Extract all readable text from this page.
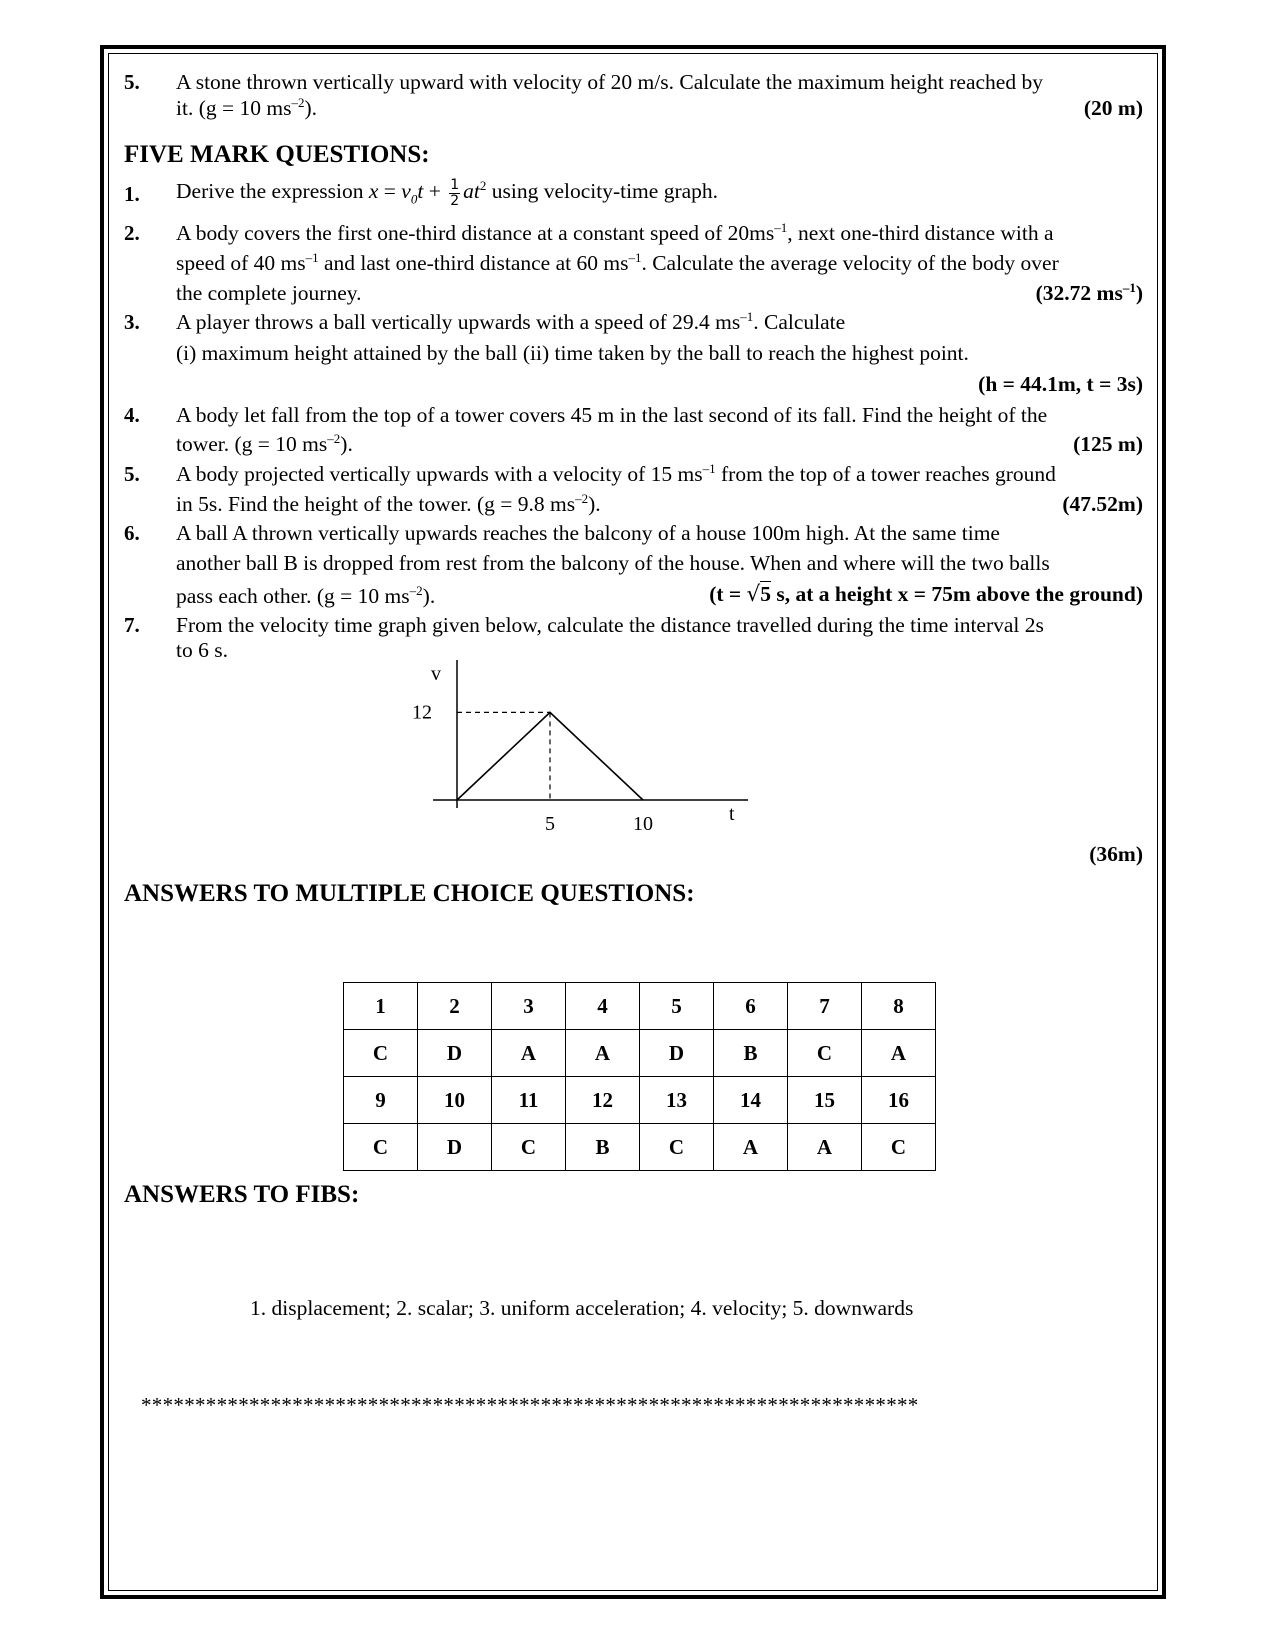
5. A stone thrown vertically upward with velocity of 20 m/s. Calculate the maximum height reached by
it. (g = 10 $ms^{-2}$).	(20 m)
FIVE MARK QUESTIONS:
1. Derive the expression $x = v_0t + \frac{1}{2} at^2$ using velocity-time graph.
2. A body covers the first one-third distance at a constant speed of $20ms^{-1}$, next one-third distance with a
speed of 40 $ms^{-1}$ and last one-third distance at 60 $ms^{-1}$. Calculate the average velocity of the body over
the complete journey.	(32.72 $ms^{-1}$)
3. A player throws a ball vertically upwards with a speed of 29.4 $ms^{-1}$. Calculate
(i) maximum height attained by the ball (ii) time taken by the ball to reach the highest point.
(h = 44.1m, t = 3s)
4. A body let fall from the top of a tower covers 45 m in the last second of its fall. Find the height of the
tower. (g = 10 $ms^{-2}$).	(125 m)
5. A body projected vertically upwards with a velocity of 15 $ms^{-1}$ from the top of a tower reaches ground
in 5s. Find the height of the tower. (g = 9.8 $ms^{-2}$).	(47.52m)
6. A ball A thrown vertically upwards reaches the balcony of a house 100m high. At the same time
another ball B is dropped from rest from the balcony of the house. When and where will the two balls
pass each other. (g = 10 $ms^{-2}$).	(t = √5 s, at a height x = 75m above the ground)
7. From the velocity time graph given below, calculate the distance travelled during the time interval 2s
to 6 s.
(36m)
v
t
12
5	10
ANSWERS TO MULTIPLE CHOICE QUESTIONS:
1	2	3	4	5	6	7	8
C	D	A	A	D	B	C	A
9	10	11	12	13	14	15	16
C	D	C	B	C	A	A	C
ANSWERS TO FIBS:
1. displacement; 2. scalar; 3. uniform acceleration; 4. velocity; 5. downwards
************************************************************************
